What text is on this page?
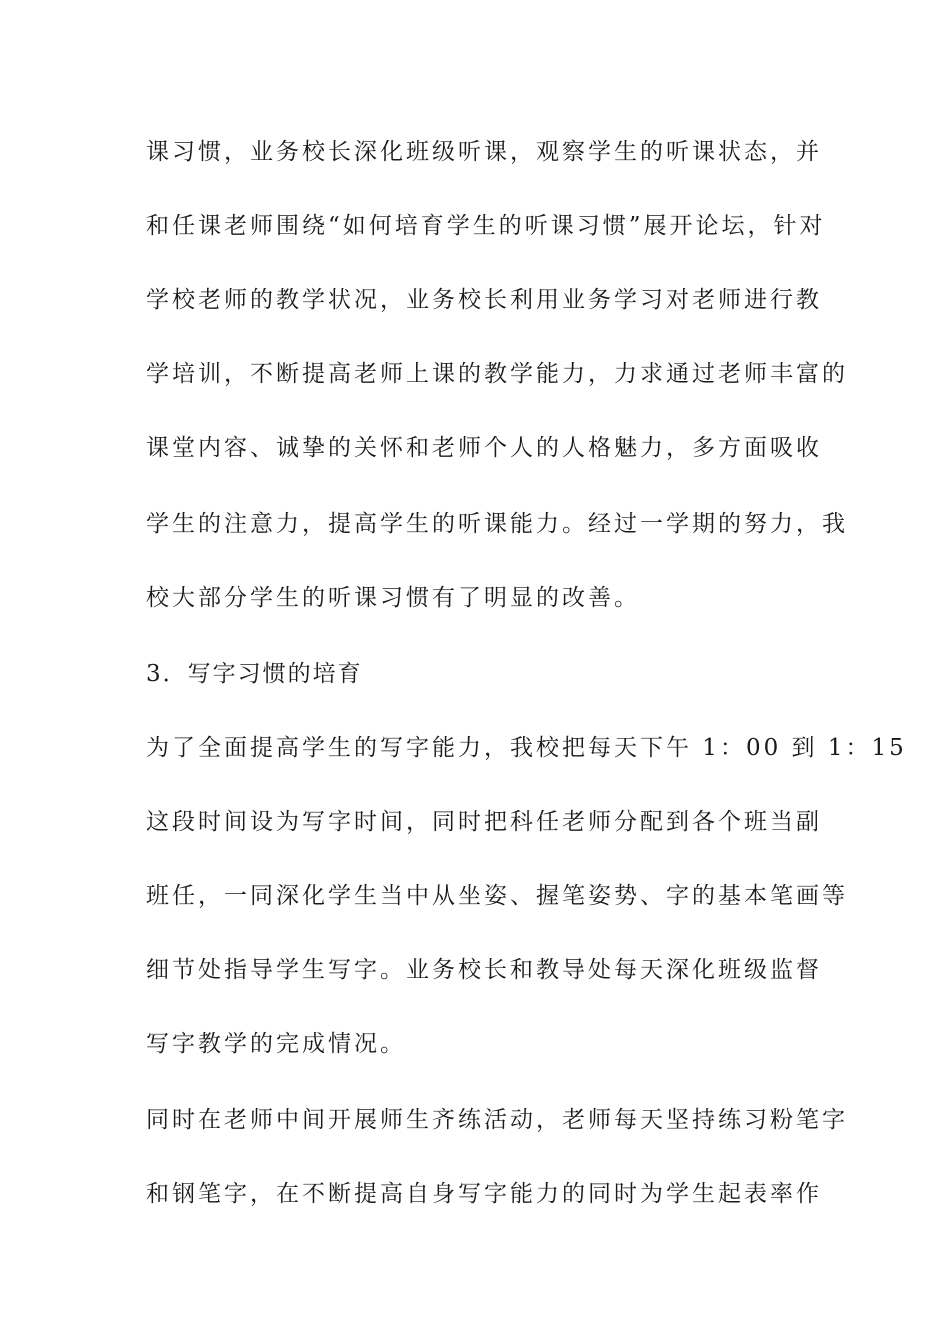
课习惯，业务校长深化班级听课，观察学生的听课状态，并
和任课老师围绕“如何培育学生的听课习惯”展开论坛，针对
学校老师的教学状况，业务校长利用业务学习对老师进行教
学培训，不断提高老师上课的教学能力，力求通过老师丰富的
课堂内容、诚挚的关怀和老师个人的人格魅力，多方面吸收
学生的注意力，提高学生的听课能力。经过一学期的努力，我
校大部分学生的听课习惯有了明显的改善。
3．写字习惯的培育
为了全面提高学生的写字能力，我校把每天下午 1：00 到 1：15
这段时间设为写字时间，同时把科任老师分配到各个班当副
班任，一同深化学生当中从坐姿、握笔姿势、字的基本笔画等
细节处指导学生写字。业务校长和教导处每天深化班级监督
写字教学的完成情况。
同时在老师中间开展师生齐练活动，老师每天坚持练习粉笔字
和钢笔字，在不断提高自身写字能力的同时为学生起表率作
